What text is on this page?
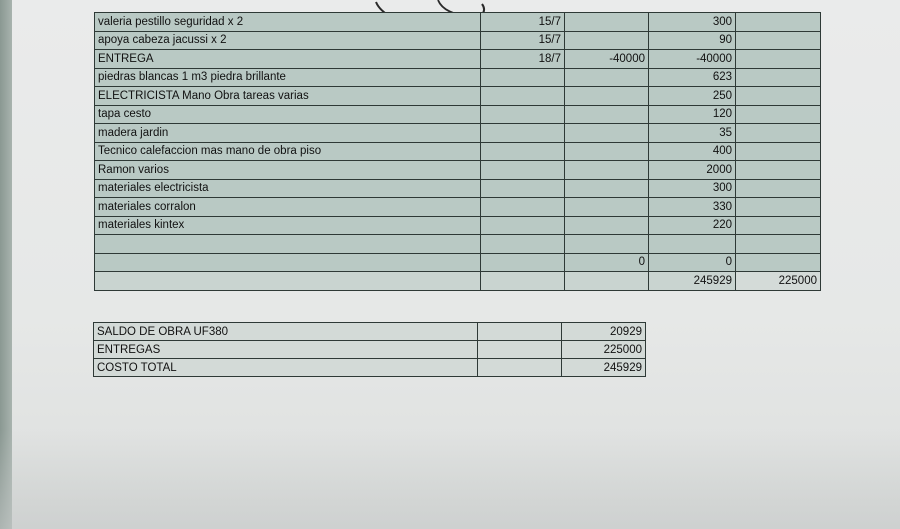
valeria pestillo seguridad x 2	15/7		300	
apoya cabeza jacussi x 2	15/7		90	
ENTREGA	18/7	-40000	-40000	
piedras blancas 1 m3 piedra brillante			623	
ELECTRICISTA Mano Obra tareas varias			250	
tapa cesto			120	
madera jardin			35	
Tecnico calefaccion mas mano de obra piso			400	
Ramon varios			2000	
materiales electricista			300	
materiales corralon			330	
materiales kintex			220	

		0	0	
			245929	225000
SALDO DE OBRA UF380		20929
ENTREGAS		225000
COSTO TOTAL		245929
